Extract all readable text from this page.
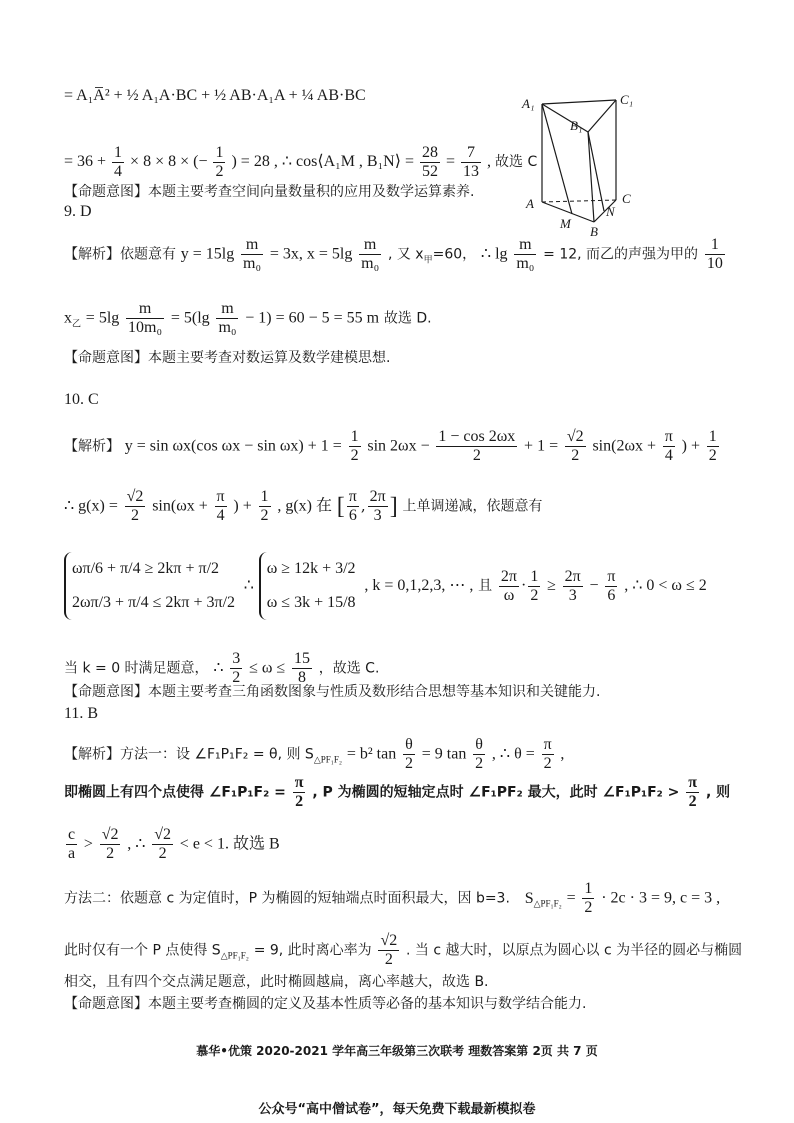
= A₁A̅² + ½ A₁A·BC + ½ AB·A₁A + ¼ AB·BC
= $36 + \frac{1}{4} \times 8 \times 8$ × (− $\frac{1}{2}$ ) = 28 , ∴ cos⟨A₁M , B₁N⟩ = $\frac{28}{52} = \frac{7}{13}$ , 故选 C
【命题意图】本题主要考查空间向量数量积的应用及数学运算素养.
A₁	C₁
B₁
A	C
M
N
B
9. D
【解析】依题意有 $y = 15\lg \frac{m}{\text{m₀}} = 3x$, $x = 5\lg \frac{m}{\text{m₀}}$ , 又 $x_甲=60$， ∴ $\lg \frac{m}{\text{m₀}} = 12$, 而乙的声强为甲的 $\frac{1}{10}$
$x_乙 = 5\lg \frac{m}{\text{10m₀}} = 5(\lg \frac{m}{\text{m₀}} - 1) = 60 - 5 = 55$ m 故选 D.
【命题意图】本题主要考查对数运算及数学建模思想.
10. C
【解析】 y = sin ωx(cos $\omega x - \sin \omega x) + 1 = \frac{1}{2}$ $\sin 2\omega x - \frac{1 - \cos 2\omega x}{2} + 1 = \frac{√2}{2} \sin(2\omega x + \frac{\pi}{4}$ ) + $\frac{1}{2}$
∴ $g(x) = \frac{√2}{2} \sin(\omega x + \frac{\pi}{4}$ ) + $\frac{1}{2}$ , g(x) 在 [ $\frac{\pi}{6}$ , $\frac{2\pi}{3}$ ] 上单调递减，依题意有
ωπ/6 + π/4 ≥ 2kπ + π/2
2ωπ/3 + π/4 ≤ 2kπ + 3π/2
∴
ω ≥ 12k + 3/2
ω ≤ 3k + 15/8
, k = 0,1,2,3, ⋯ , 且 $\frac{2\pi}{\omega} \cdot \frac{1}{2} \ge \frac{2\pi}{3} - \frac{\pi}{6}$ , ∴ 0 < ω ≤ 2
当 k = 0 时满足题意， ∴ $\frac{3}{2} \le \omega \le \frac{15}{8}$ ，故选 C.
【命题意图】本题主要考查三角函数图象与性质及数形结合思想等基本知识和关键能力.
11. B
【解析】方法一：设 ∠F₁P₁F₂ = θ, 则 $S_{\triangle PF_1F_2} = b^2$ $\tan \frac{\theta}{2} = 9$ $\tan \frac{\theta}{2}$ , ∴ $\theta = \frac{\pi}{2}$ ,
即椭圆上有四个点使得 ∠F₁P₁F₂ = $\frac{\pi}{2}$ , P 为椭圆的短轴定点时 ∠F₁PF₂ 最大，此时 ∠F₁P₁F₂ > $\frac{\pi}{2}$ , 则
$\frac{c}{a} > \frac{√2}{2}$ , ∴ $\frac{√2}{2} < e < 1$. 故选 B
方法二：依题意 c 为定值时，P 为椭圆的短轴端点时面积最大，因 b=3. $S_{\triangle PF_1F_2} = \frac{1}{2} \cdot 2c \cdot 3 = 9$, c = 3 ,
此时仅有一个 P 点使得 $S_{\triangle PF_1F_2} = 9$, 此时离心率为 $\frac{√2}{2}$ . 当 c 越大时，以原点为圆心以 c 为半径的圆必与椭圆
相交，且有四个交点满足题意，此时椭圆越扁，离心率越大，故选 B.
【命题意图】本题主要考查椭圆的定义及基本性质等必备的基本知识与数学结合能力.
慕华•优策 2020-2021 学年高三年级第三次联考 理数答案第 2页 共 7 页
公众号“高中僧试卷”，每天免费下载最新模拟卷
